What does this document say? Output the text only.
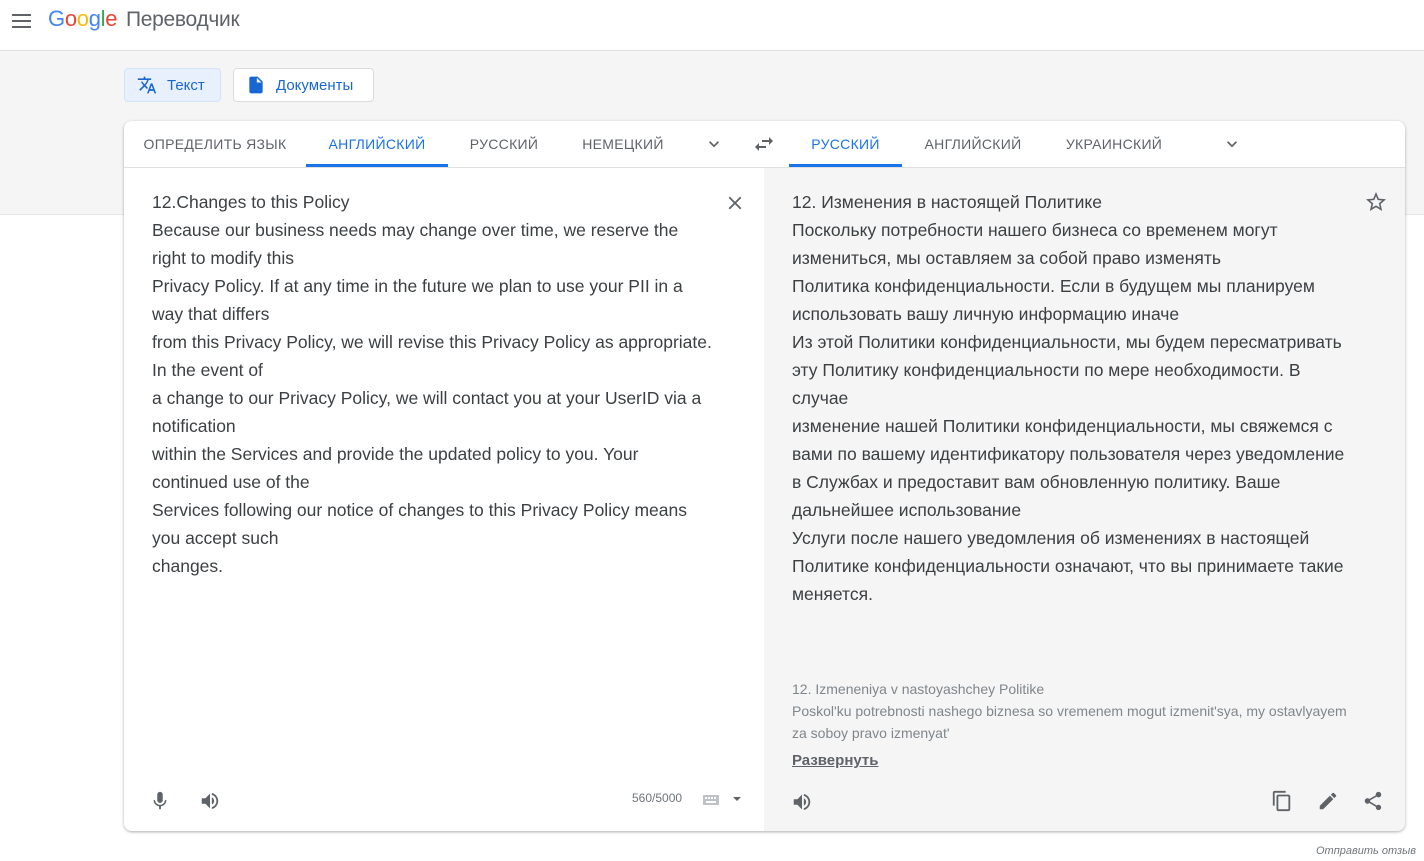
Google Переводчик
Текст	Документы
ОПРЕДЕЛИТЬ ЯЗЫК	АНГЛИЙСКИЙ	РУССКИЙ	НЕМЕЦКИЙ	РУССКИЙ	АНГЛИЙСКИЙ	УКРАИНСКИЙ
12.Changes to this Policy
Because our business needs may change over time, we reserve the right to modify this
Privacy Policy. If at any time in the future we plan to use your PII in a way that differs
from this Privacy Policy, we will revise this Privacy Policy as appropriate. In the event of
a change to our Privacy Policy, we will contact you at your UserID via a notification
within the Services and provide the updated policy to you. Your continued use of the
Services following our notice of changes to this Privacy Policy means you accept such
changes.
560/5000
12. Изменения в настоящей Политике
Поскольку потребности нашего бизнеса со временем могут измениться, мы оставляем за собой право изменять
Политика конфиденциальности. Если в будущем мы планируем использовать вашу личную информацию иначе
Из этой Политики конфиденциальности, мы будем пересматривать эту Политику конфиденциальности по мере необходимости. В случае
изменение нашей Политики конфиденциальности, мы свяжемся с вами по вашему идентификатору пользователя через уведомление
в Службах и предоставит вам обновленную политику. Ваше дальнейшее использование
Услуги после нашего уведомления об изменениях в настоящей Политике конфиденциальности означают, что вы принимаете такие
меняется.
12. Izmeneniya v nastoyashchey Politike
Poskol'ku potrebnosti nashego biznesa so vremenem mogut izmenit'sya, my ostavlyayem za soboy pravo izmenyat'
Развернуть
Отправить отзыв
